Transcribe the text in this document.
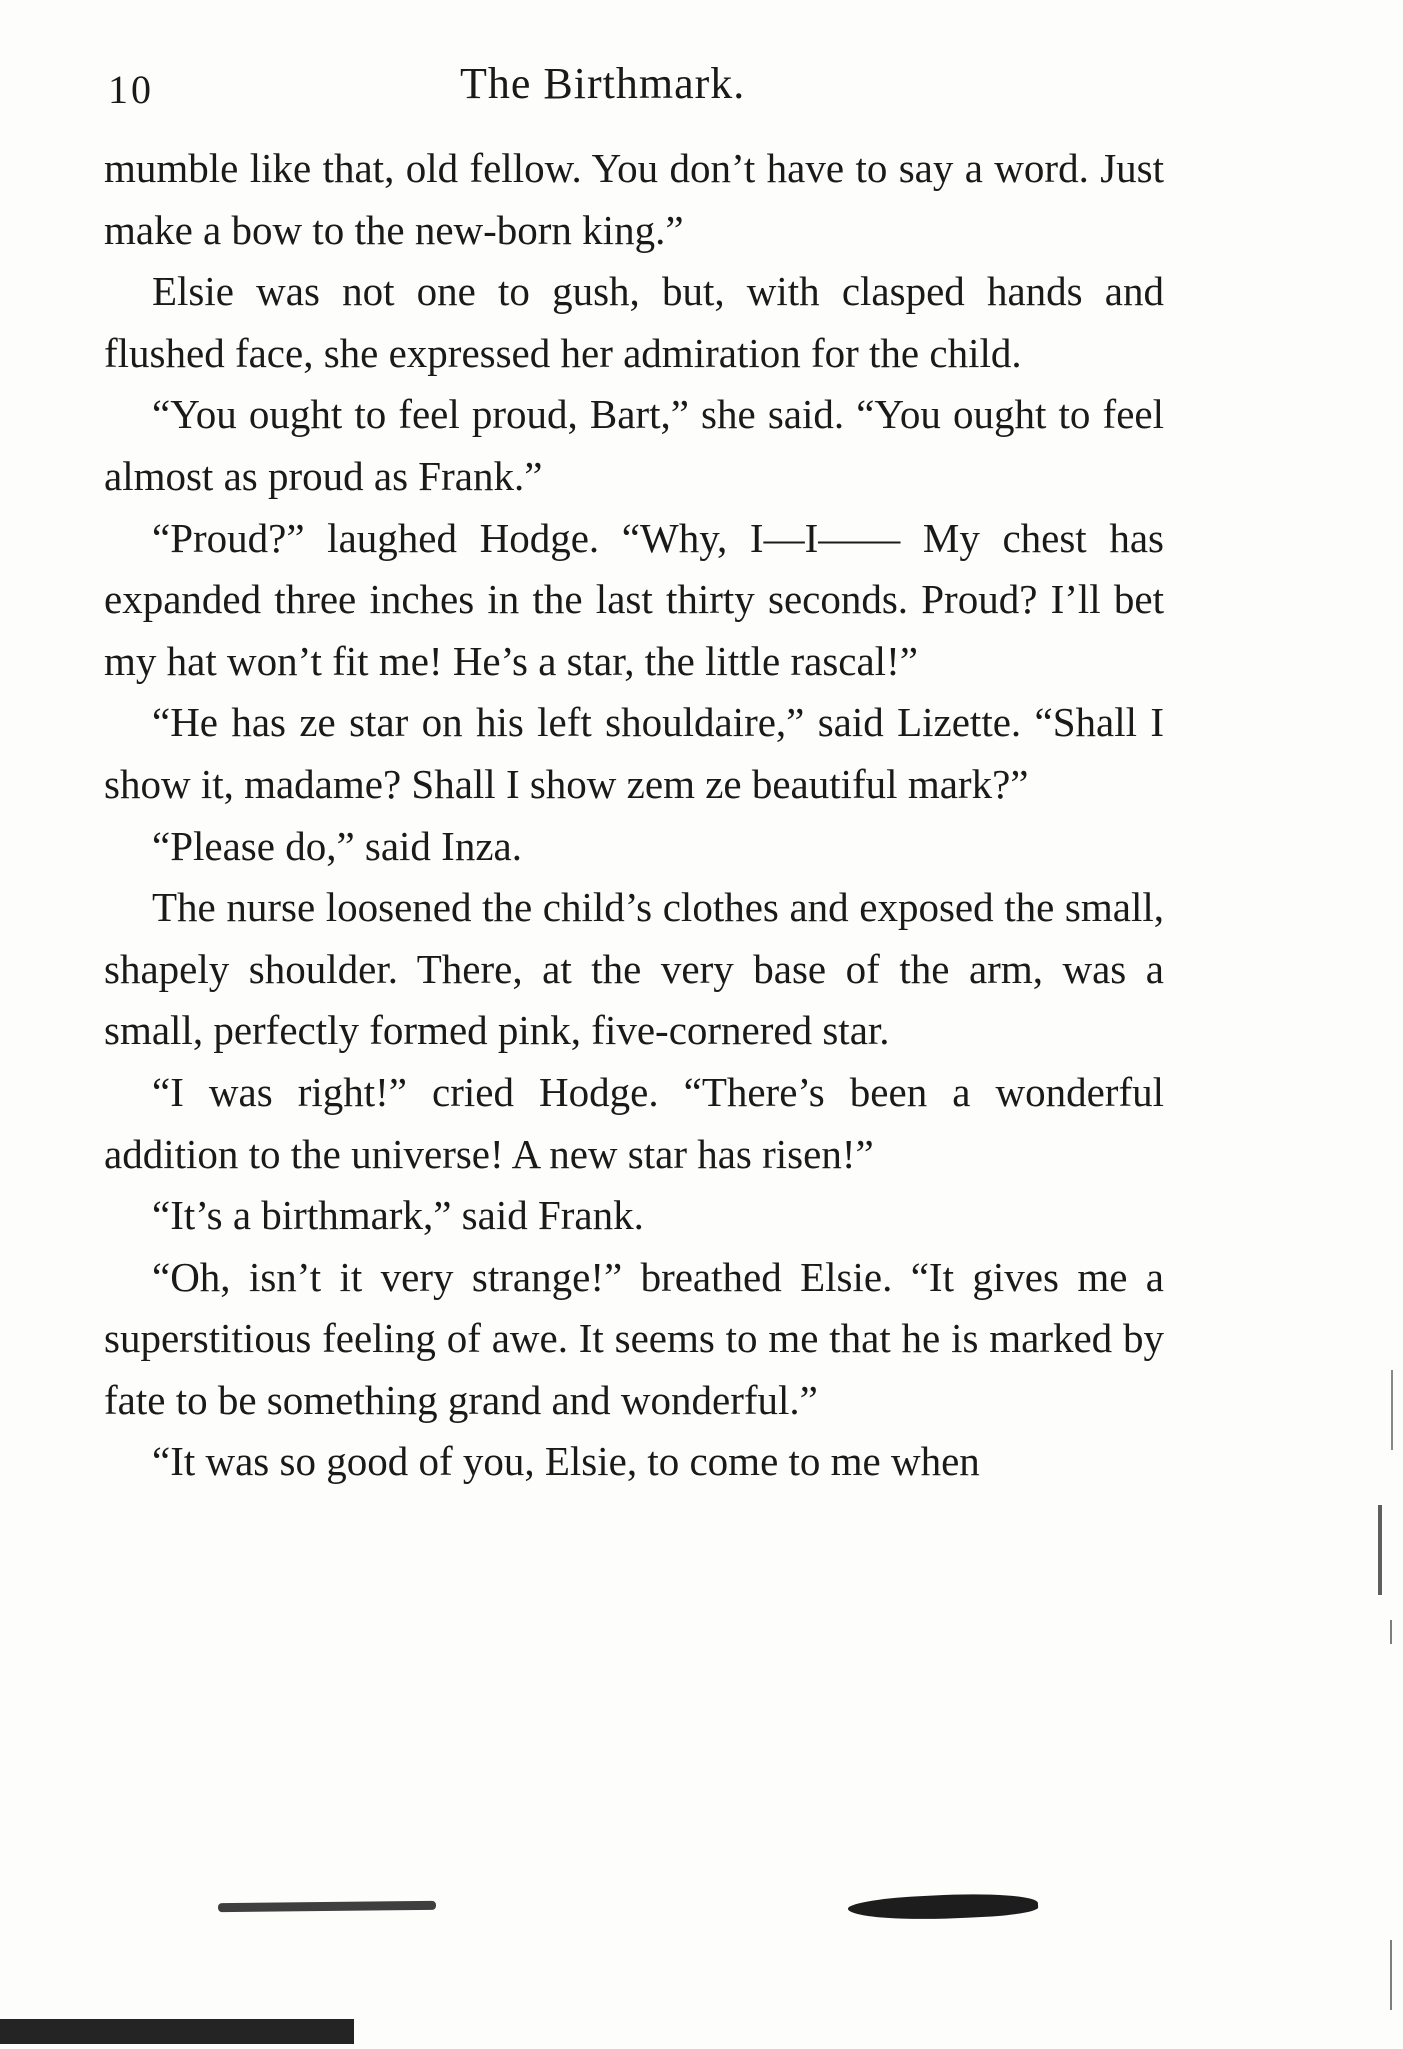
10	The Birthmark.

mumble like that, old fellow. You don’t have to say a word. Just make a bow to the new-born king.”

Elsie was not one to gush, but, with clasped hands and flushed face, she expressed her admiration for the child.

“You ought to feel proud, Bart,” she said. “You ought to feel almost as proud as Frank.”

“Proud?” laughed Hodge. “Why, I—I—— My chest has expanded three inches in the last thirty seconds. Proud? I’ll bet my hat won’t fit me! He’s a star, the little rascal!”

“He has ze star on his left shouldaire,” said Lizette. “Shall I show it, madame? Shall I show zem ze beautiful mark?”

“Please do,” said Inza.

The nurse loosened the child’s clothes and exposed the small, shapely shoulder. There, at the very base of the arm, was a small, perfectly formed pink, five-cornered star.

“I was right!” cried Hodge. “There’s been a wonderful addition to the universe! A new star has risen!”

“It’s a birthmark,” said Frank.

“Oh, isn’t it very strange!” breathed Elsie. “It gives me a superstitious feeling of awe. It seems to me that he is marked by fate to be something grand and wonderful.”

“It was so good of you, Elsie, to come to me when
